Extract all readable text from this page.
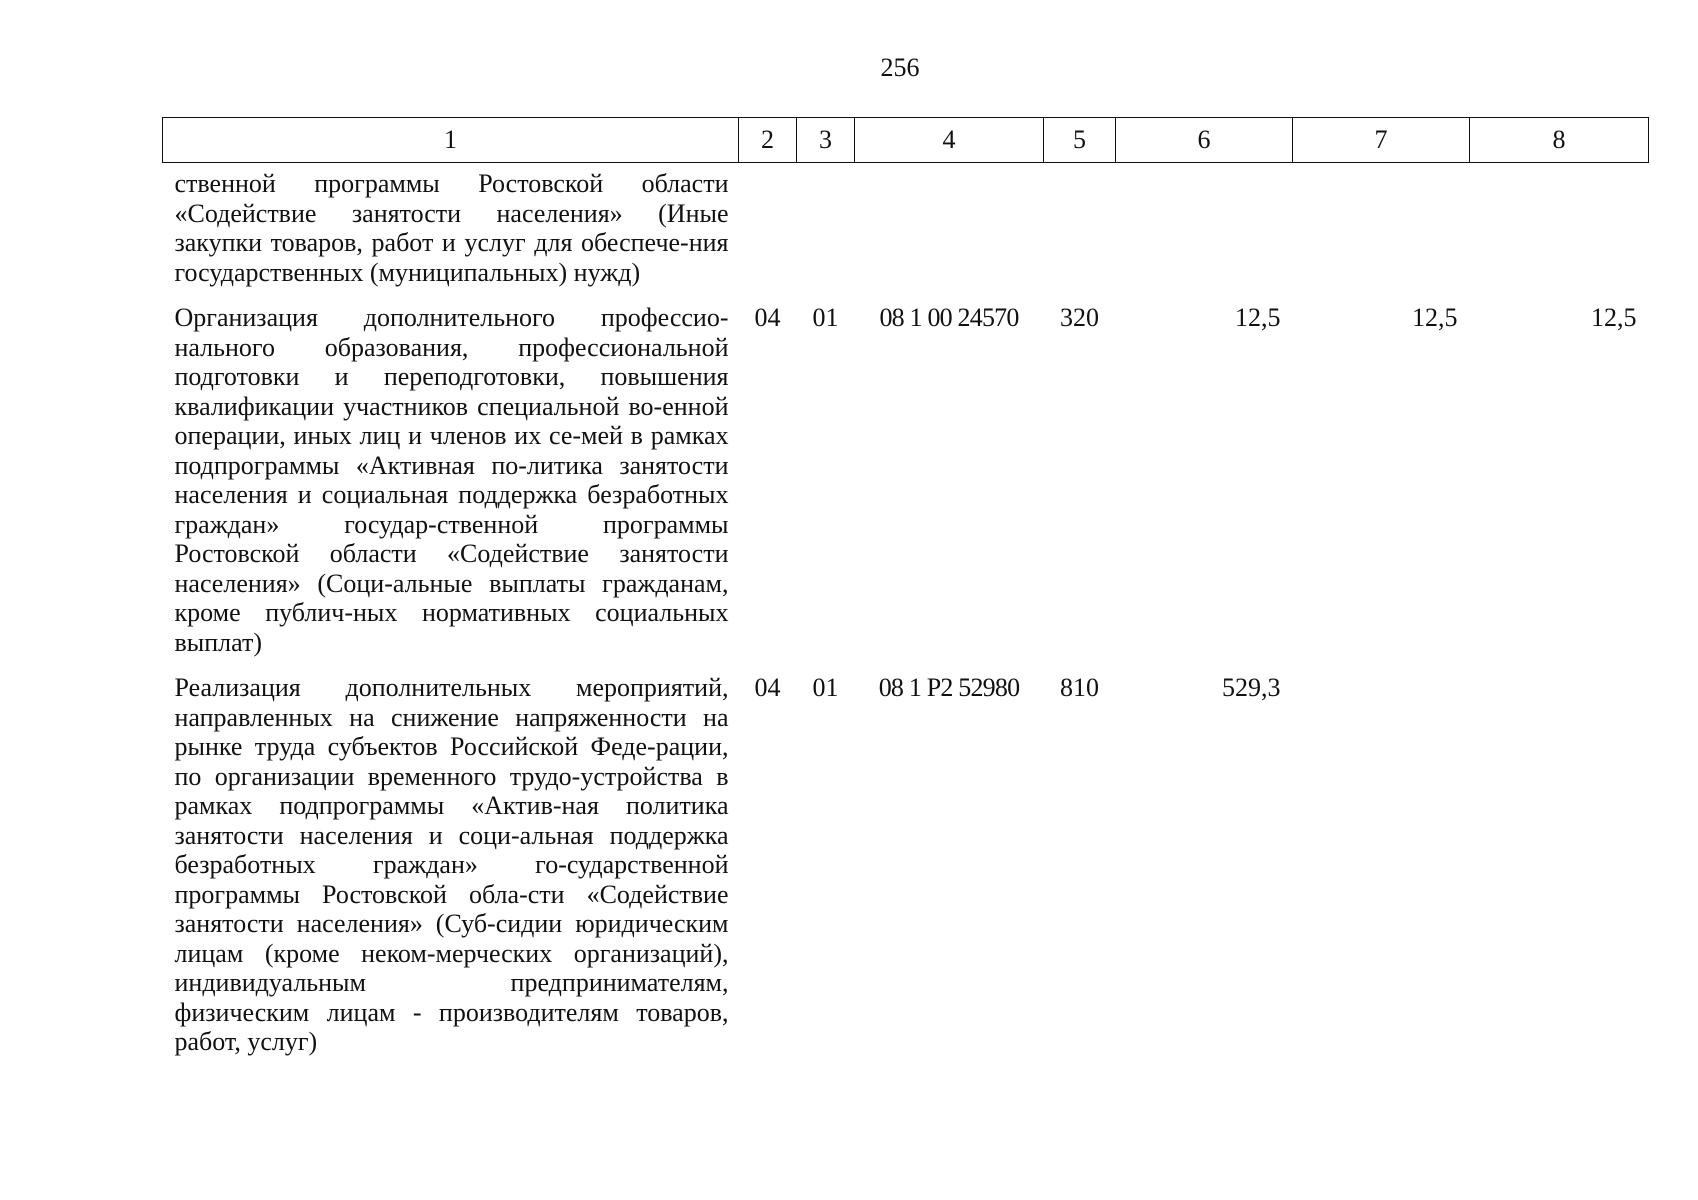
256
1	2	3	4	5	6	7	8
ственной программы Ростовской области «Содействие занятости населения» (Иные закупки товаров, работ и услуг для обеспече-ния государственных (муниципальных) нужд)							
Организация дополнительного профессио-нального образования, профессиональной подготовки и переподготовки, повышения квалификации участников специальной во-енной операции, иных лиц и членов их се-мей в рамках подпрограммы «Активная по-литика занятости населения и социальная поддержка безработных граждан» государ-ственной программы Ростовской области «Содействие занятости населения» (Соци-альные выплаты гражданам, кроме публич-ных нормативных социальных выплат)	04	01	08 1 00 24570	320	12,5	12,5	12,5
Реализация дополнительных мероприятий, направленных на снижение напряженности на рынке труда субъектов Российской Феде-рации, по организации временного трудо-устройства в рамках подпрограммы «Актив-ная политика занятости населения и соци-альная поддержка безработных граждан» го-сударственной программы Ростовской обла-сти «Содействие занятости населения» (Суб-сидии юридическим лицам (кроме неком-мерческих организаций), индивидуальным предпринимателям, физическим лицам - производителям товаров, работ, услуг)	04	01	08 1 Р2 52980	810	529,3		
